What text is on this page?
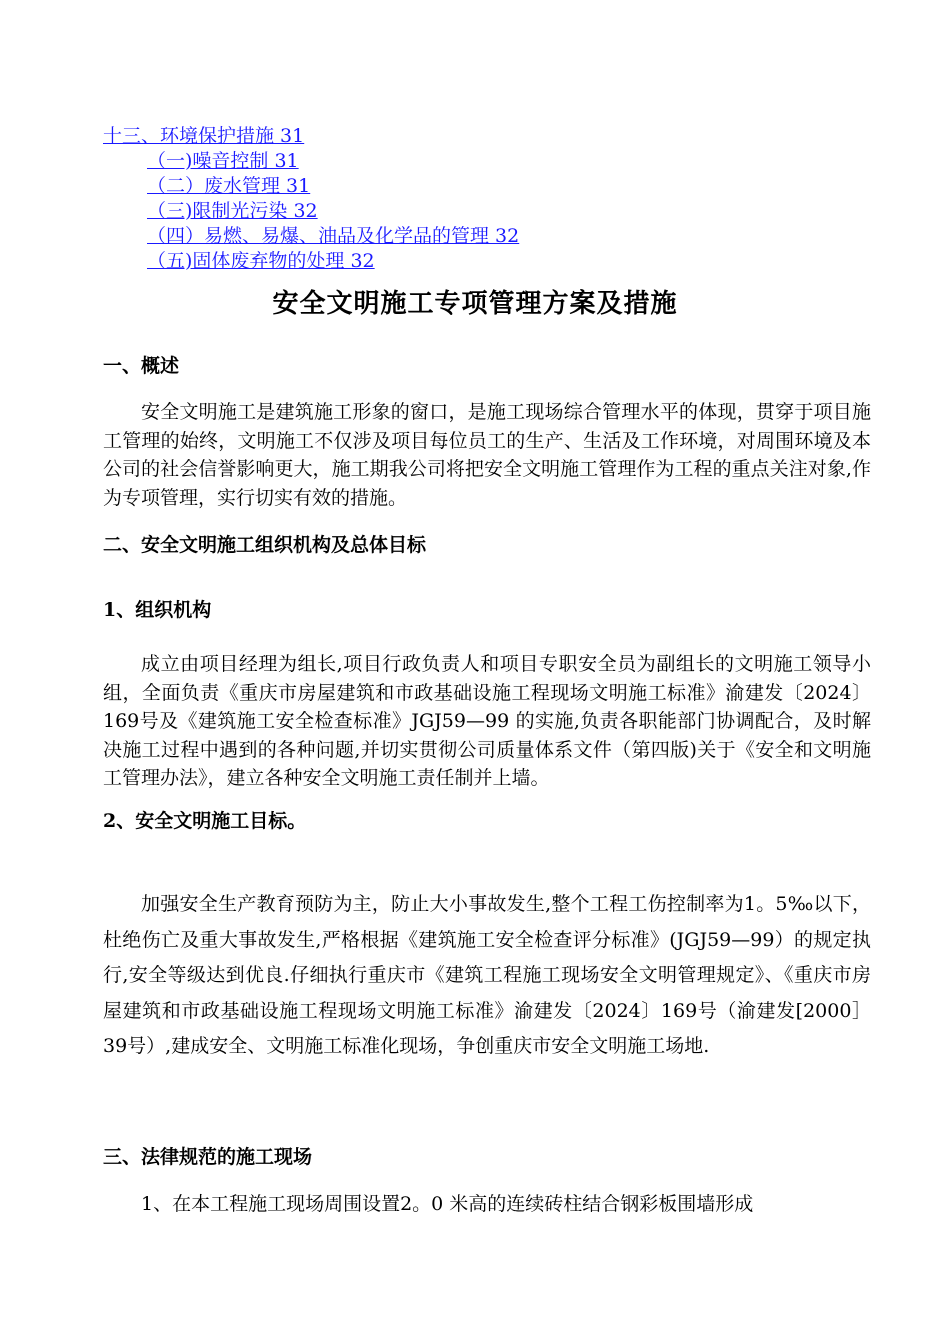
十三、环境保护措施 31
（一)噪音控制 31
（二）废水管理 31
（三)限制光污染 32
（四）易燃、易爆、油品及化学品的管理 32
（五)固体废弃物的处理 32
安全文明施工专项管理方案及措施
一、概述

安全文明施工是建筑施工形象的窗口，是施工现场综合管理水平的体现，贯穿于项目施工管理的始终，文明施工不仅涉及项目每位员工的生产、生活及工作环境，对周围环境及本公司的社会信誉影响更大，施工期我公司将把安全文明施工管理作为工程的重点关注对象,作为专项管理，实行切实有效的措施。

二、安全文明施工组织机构及总体目标
1、组织机构

成立由项目经理为组长,项目行政负责人和项目专职安全员为副组长的文明施工领导小组，全面负责《重庆市房屋建筑和市政基础设施工程现场文明施工标准》渝建发〔2024〕169号及《建筑施工安全检查标准》JGJ59—99 的实施,负责各职能部门协调配合，及时解决施工过程中遇到的各种问题,并切实贯彻公司质量体系文件（第四版)关于《安全和文明施工管理办法》，建立各种安全文明施工责任制并上墙。

2、安全文明施工目标。

加强安全生产教育预防为主，防止大小事故发生,整个工程工伤控制率为1。5‰以下，杜绝伤亡及重大事故发生,严格根据《建筑施工安全检查评分标准》(JGJ59—99）的规定执行,安全等级达到优良.仔细执行重庆市《建筑工程施工现场安全文明管理规定》、《重庆市房屋建筑和市政基础设施工程现场文明施工标准》渝建发〔2024〕169号（渝建发[2000］39号）,建成安全、文明施工标准化现场，争创重庆市安全文明施工场地.

三、法律规范的施工现场

1、在本工程施工现场周围设置2。0 米高的连续砖柱结合钢彩板围墙形成
